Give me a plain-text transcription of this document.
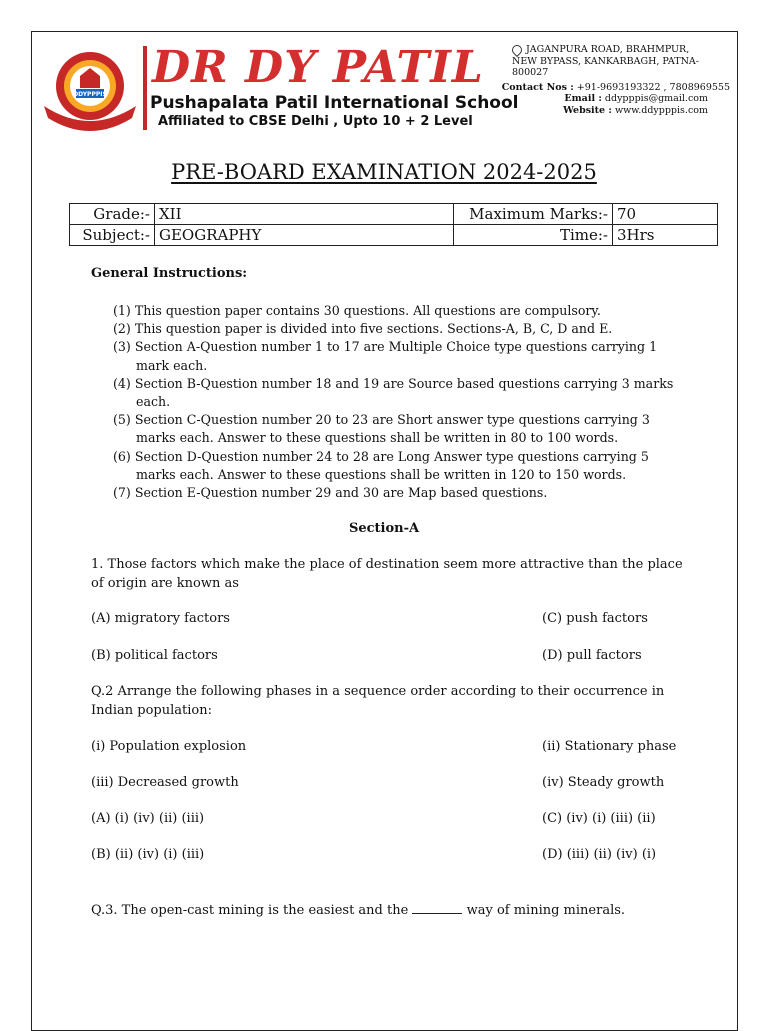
DDYPPPIS
DR DY PATIL
Pushapalata Patil International School
Affiliated to CBSE Delhi , Upto 10 + 2 Level
JAGANPURA ROAD, BRAHMPUR,
NEW BYPASS, KANKARBAGH, PATNA-800027
Contact Nos : +91-9693193322 , 7808969555
Email : ddypppis@gmail.com
Website : www.ddypppis.com
PRE-BOARD EXAMINATION 2024-2025
Grade:-	XII	Maximum Marks:-	70
Subject:-	GEOGRAPHY	Time:-	3Hrs
General Instructions:
(1) This question paper contains 30 questions. All questions are compulsory.
(2) This question paper is divided into five sections. Sections-A, B, C, D and E.
(3) Section A-Question number 1 to 17 are Multiple Choice type questions carrying 1 mark each.
(4) Section B-Question number 18 and 19 are Source based questions carrying 3 marks each.
(5) Section C-Question number 20 to 23 are Short answer type questions carrying 3 marks each. Answer to these questions shall be written in 80 to 100 words.
(6) Section D-Question number 24 to 28 are Long Answer type questions carrying 5 marks each. Answer to these questions shall be written in 120 to 150 words.
(7) Section E-Question number 29 and 30 are Map based questions.
Section-A
1. Those factors which make the place of destination seem more attractive than the place of origin are known as
(A) migratory factors	(C) push factors
(B) political factors	(D) pull factors
Q.2 Arrange the following phases in a sequence order according to their occurrence in Indian population:
(i) Population explosion	(ii) Stationary phase
(iii) Decreased growth	(iv) Steady growth
(A) (i) (iv) (ii) (iii)	(C) (iv) (i) (iii) (ii)
(B) (ii) (iv) (i) (iii)	(D) (iii) (ii) (iv) (i)
Q.3. The open-cast mining is the easiest and the	way of mining minerals.
